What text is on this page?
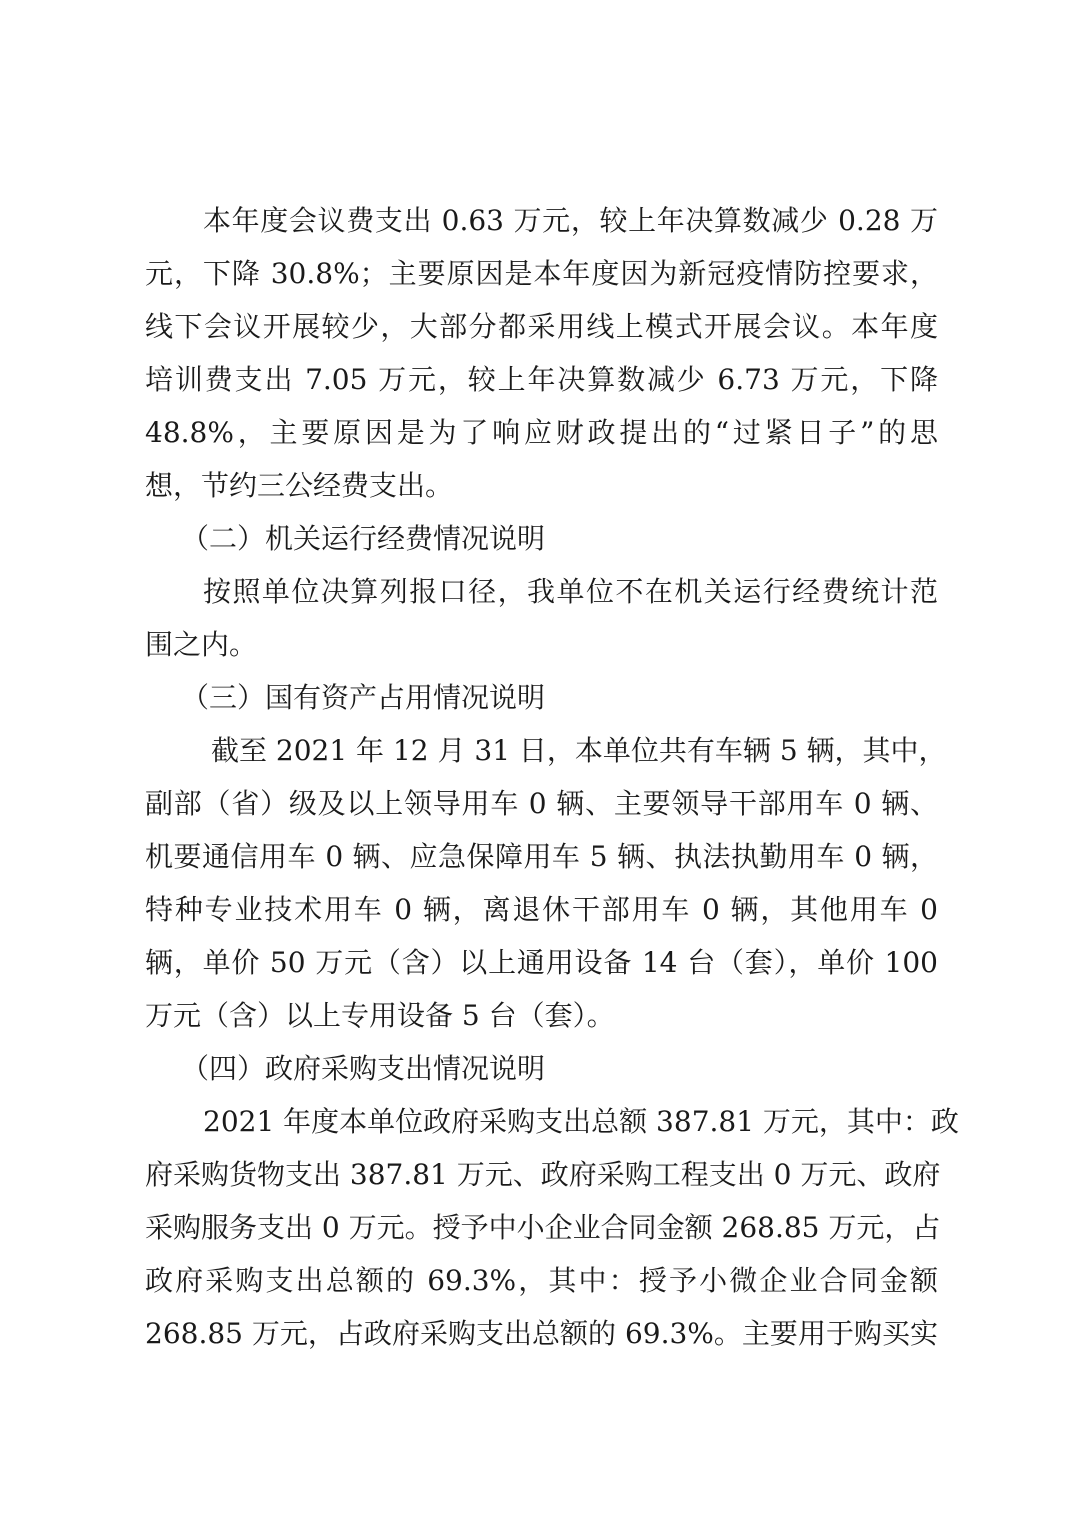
本年度会议费支出 0.63 万元，较上年决算数减少 0.28 万
元，下降 30.8%；主要原因是本年度因为新冠疫情防控要求，
线下会议开展较少，大部分都采用线上模式开展会议。本年度
培训费支出 7.05 万元，较上年决算数减少 6.73 万元，下降
48.8%，主要原因是为了响应财政提出的“过紧日子”的思
想，节约三公经费支出。

（二）机关运行经费情况说明

按照单位决算列报口径，我单位不在机关运行经费统计范
围之内。

（三）国有资产占用情况说明

截至 2021 年 12 月 31 日，本单位共有车辆 5 辆，其中，
副部（省）级及以上领导用车 0 辆、主要领导干部用车 0 辆、
机要通信用车 0 辆、应急保障用车 5 辆、执法执勤用车 0 辆，
特种专业技术用车 0 辆，离退休干部用车 0 辆，其他用车 0
辆，单价 50 万元（含）以上通用设备 14 台（套），单价 100
万元（含）以上专用设备 5 台（套）。

（四）政府采购支出情况说明

2021 年度本单位政府采购支出总额 387.81 万元，其中：政
府采购货物支出 387.81 万元、政府采购工程支出 0 万元、政府
采购服务支出 0 万元。授予中小企业合同金额 268.85 万元，占
政府采购支出总额的 69.3%，其中：授予小微企业合同金额
268.85 万元，占政府采购支出总额的 69.3%。主要用于购买实
